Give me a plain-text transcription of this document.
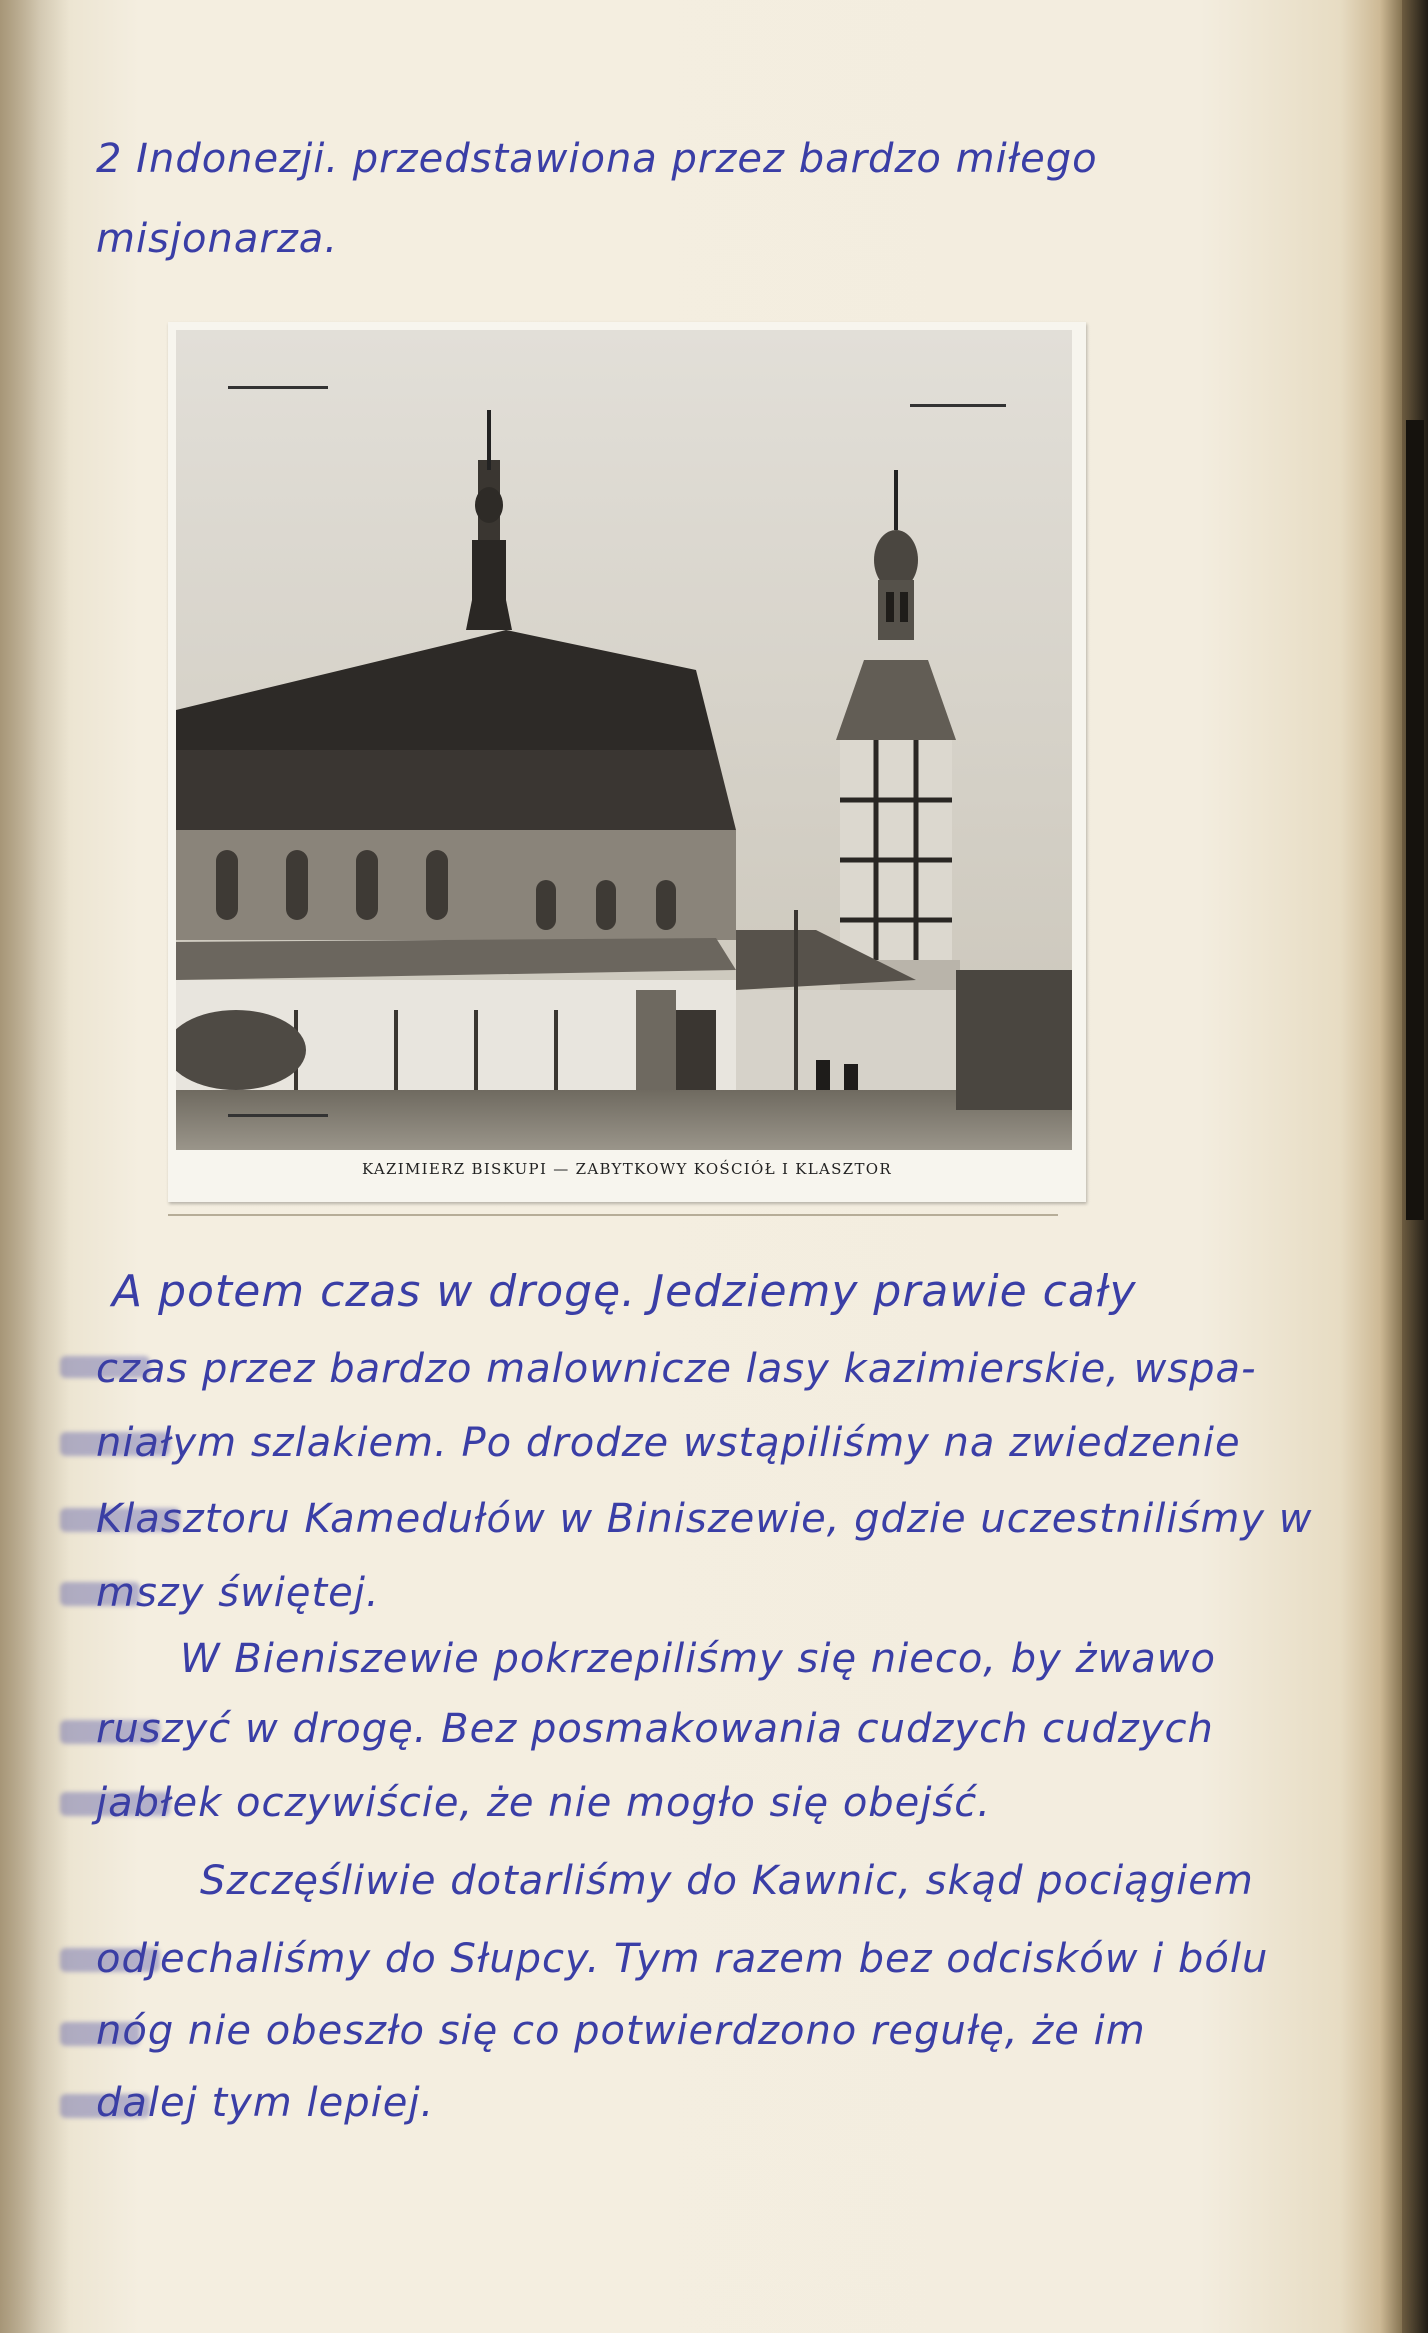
2 Indonezji. przedstawiona przez bardzo miłego
misjonarza.
KAZIMIERZ BISKUPI — ZABYTKOWY KOŚCIÓŁ I KLASZTOR
A potem czas w drogę. Jedziemy prawie cały
czas przez bardzo malownicze lasy kazimierskie, wspa-
niałym szlakiem. Po drodze wstąpiliśmy na zwiedzenie
Klasztoru Kamedułów w Biniszewie, gdzie uczestniliśmy w
mszy świętej.
W Bieniszewie pokrzepiliśmy się nieco, by żwawo
ruszyć w drogę. Bez posmakowania cudzych cudzych
jabłek oczywiście, że nie mogło się obejść.
Szczęśliwie dotarliśmy do Kawnic, skąd pociągiem
odjechaliśmy do Słupcy. Tym razem bez odcisków i bólu
nóg nie obeszło się co potwierdzono regułę, że im
dalej tym lepiej.
